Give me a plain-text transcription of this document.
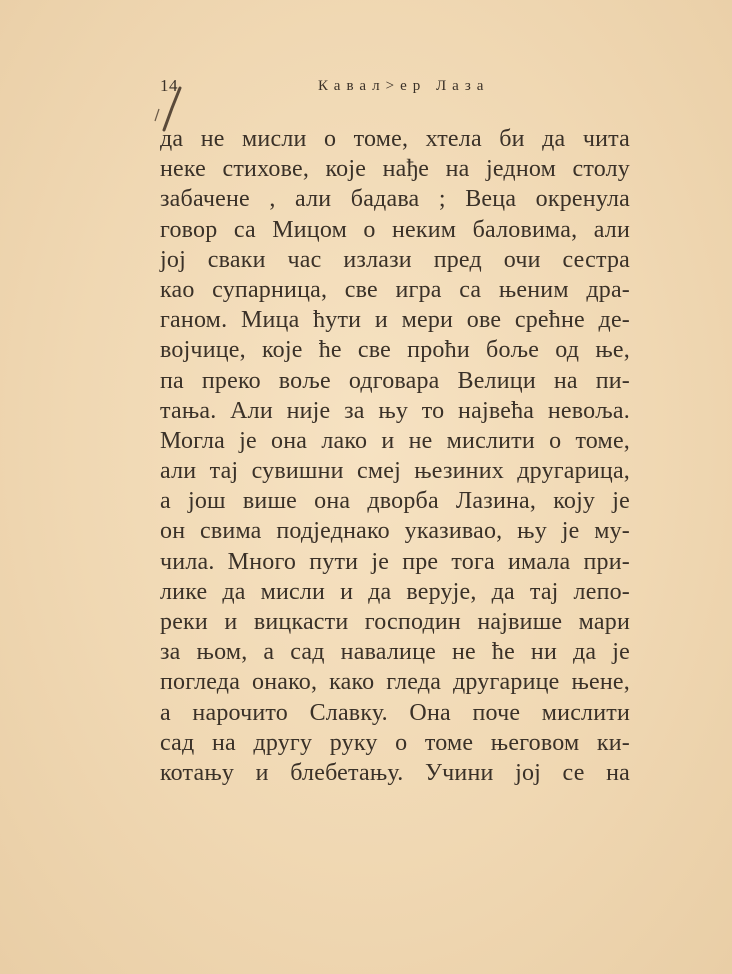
14	Кавал>ер Лаза
да не мисли о томе, хтела би да чита
неке стихове, које нађе на једном столу
забачене , али бадава ; Веца окренула
говор са Мицом о неким баловима, али
јој сваки час излази пред очи сестра
као супарница, све игра са њеним дра-
ганом. Мица ћути и мери ове срећне де-
војчице, које ће све проћи боље од ње,
па преко воље одговара Велици на пи-
тања. Али није за њу то највећа невоља.
Могла је она лако и не мислити о томе,
али тај сувишни смеј њезиних другарица,
а још више она дворба Лазина, коју је
он свима подједнако указивао, њу је му-
чила. Много пути је пре тога имала при-
лике да мисли и да верује, да тај лепо-
реки и вицкасти господин највише мари
за њом, а сад навалице не ће ни да је
погледа онако, како гледа другарице њене,
а нарочито Славку. Она поче мислити
сад на другу руку о томе његовом ки-
котању и блебетању. Учини јој се на
